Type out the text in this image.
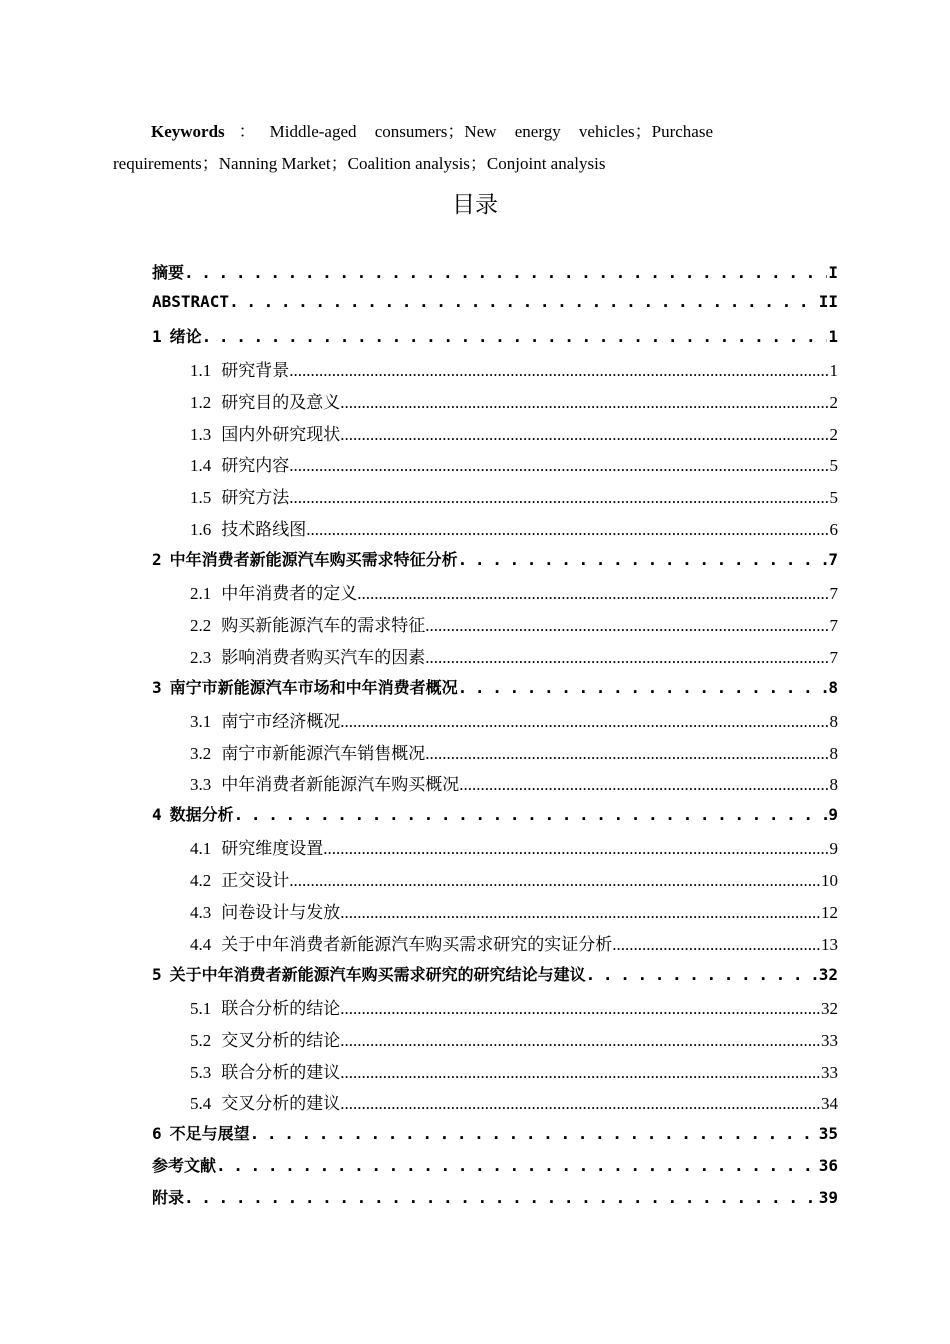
Keywords：Middle-aged consumers；New energy vehicles；Purchase
requirements；Nanning Market；Coalition analysis；Conjoint analysis
目录
摘要 . . .	I
ABSTRACT . . .	II
1 绪论 . . .	1
1.1 研究背景 .....	1
1.2 研究目的及意义 .....	2
1.3 国内外研究现状 .....	2
1.4 研究内容 .....	5
1.5 研究方法 .....	5
1.6 技术路线图 .....	6
2 中年消费者新能源汽车购买需求特征分析 . . .	7
2.1 中年消费者的定义 .....	7
2.2 购买新能源汽车的需求特征 .....	7
2.3 影响消费者购买汽车的因素 .....	7
3 南宁市新能源汽车市场和中年消费者概况 . . .	8
3.1 南宁市经济概况 .....	8
3.2 南宁市新能源汽车销售概况 .....	8
3.3 中年消费者新能源汽车购买概况 .....	8
4 数据分析 . . .	9
4.1 研究维度设置 .....	9
4.2 正交设计 .....	10
4.3 问卷设计与发放 .....	12
4.4 关于中年消费者新能源汽车购买需求研究的实证分析 .....	13
5 关于中年消费者新能源汽车购买需求研究的研究结论与建议 . . .	32
5.1 联合分析的结论 .....	32
5.2 交叉分析的结论 .....	33
5.3 联合分析的建议 .....	33
5.4 交叉分析的建议 .....	34
6 不足与展望 . . .	35
参考文献 . . .	36
附录 . . .	39
